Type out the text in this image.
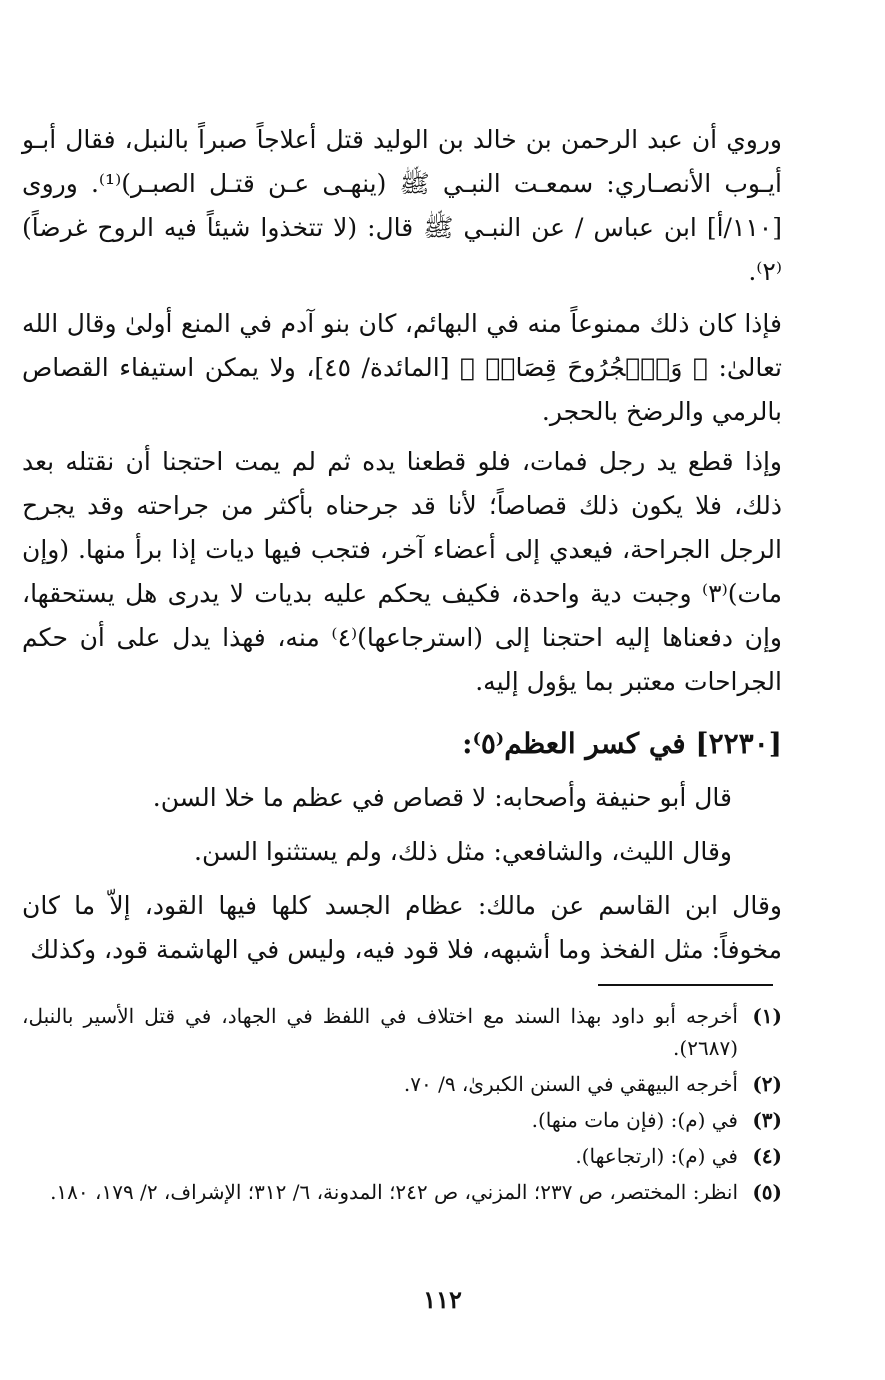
وروي أن عبد الرحمن بن خالد بن الوليد قتل أعلاجاً صبراً بالنبل، فقال أبـو أيـوب الأنصـاري: سمعـت النبـي ﷺ (ينهـى عـن قتـل الصبـر)⁽¹⁾. وروى [١١٠/أ] ابن عباس / عن النبـي ﷺ قال: (لا تتخذوا شيئاً فيه الروح غرضاً)⁽٢⁾.

فإذا كان ذلك ممنوعاً منه في البهائم، كان بنو آدم في المنع أولىٰ وقال الله تعالىٰ: ﴿ وَٱلۡجُرُوحَ قِصَاصٞ ﴾ [المائدة/ ٤٥]، ولا يمكن استيفاء القصاص بالرمي والرضخ بالحجر.

وإذا قطع يد رجل فمات، فلو قطعنا يده ثم لم يمت احتجنا أن نقتله بعد ذلك، فلا يكون ذلك قصاصاً؛ لأنا قد جرحناه بأكثر من جراحته وقد يجرح الرجل الجراحة، فيعدي إلى أعضاء آخر، فتجب فيها ديات إذا برأ منها. (وإن مات)⁽٣⁾ وجبت دية واحدة، فكيف يحكم عليه بديات لا يدرى هل يستحقها، وإن دفعناها إليه احتجنا إلى (استرجاعها)⁽٤⁾ منه، فهذا يدل على أن حكم الجراحات معتبر بما يؤول إليه.

[٢٢٣٠] في كسر العظم⁽٥⁾:

قال أبو حنيفة وأصحابه: لا قصاص في عظم ما خلا السن.

وقال الليث، والشافعي: مثل ذلك، ولم يستثنوا السن.

وقال ابن القاسم عن مالك: عظام الجسد كلها فيها القود، إلاّ ما كان مخوفاً: مثل الفخذ وما أشبهه، فلا قود فيه، وليس في الهاشمة قود، وكذلك

(١)
أخرجه أبو داود بهذا السند مع اختلاف في اللفظ في الجهاد، في قتل الأسير بالنبل، (٢٦٨٧).
(٢)
أخرجه البيهقي في السنن الكبرىٰ، ٩/ ٧٠.
(٣)
في (م): (فإن مات منها).
(٤)
في (م): (ارتجاعها).
(٥)
انظر: المختصر، ص ٢٣٧؛ المزني، ص ٢٤٢؛ المدونة، ٦/ ٣١٢؛ الإشراف، ٢/ ١٧٩، ١٨٠.
١١٢
